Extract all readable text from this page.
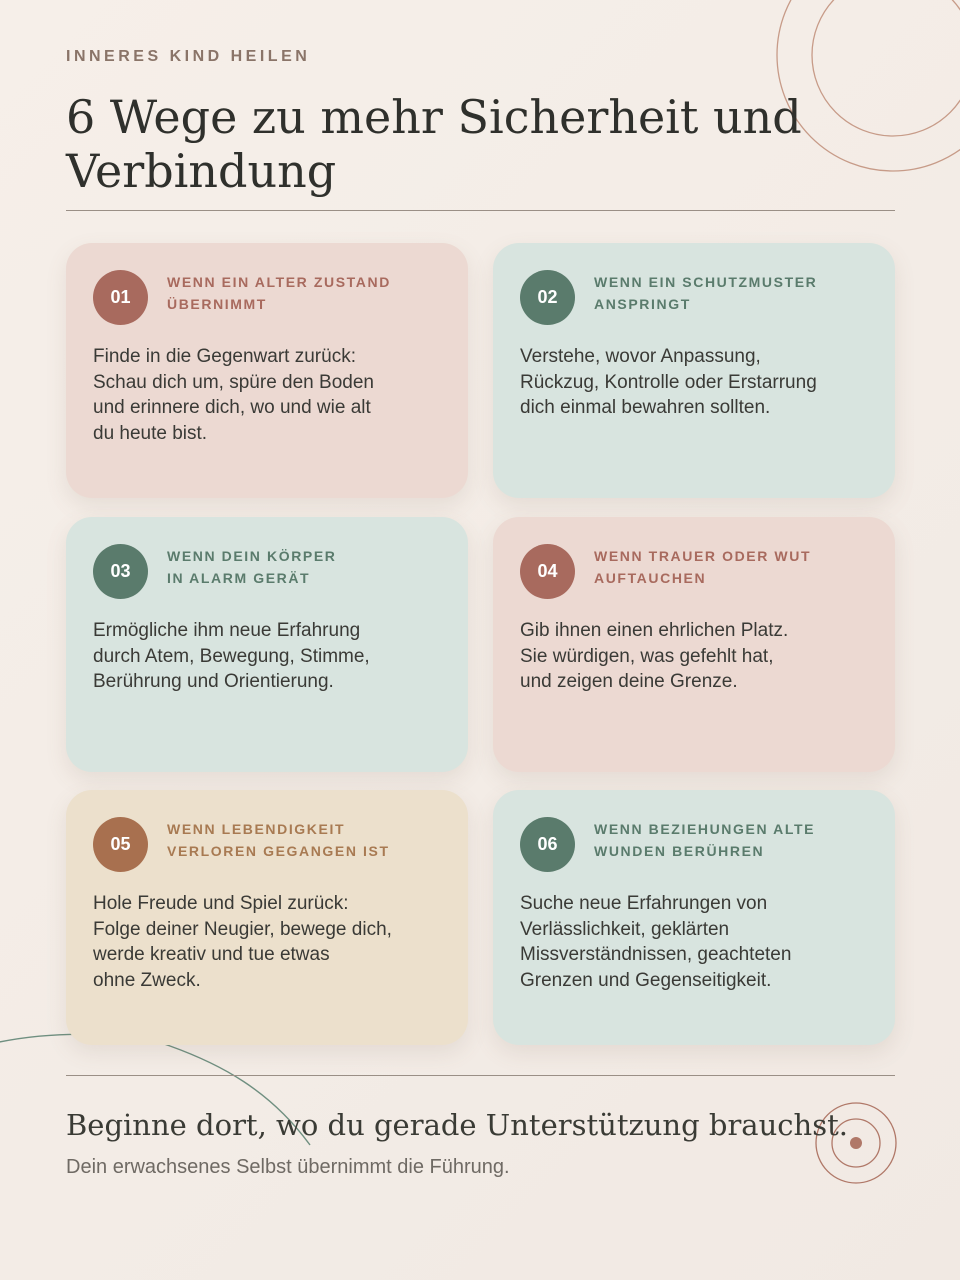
INNERES KIND HEILEN
6 Wege zu mehr Sicherheit und Verbindung
01
WENN EIN ALTER ZUSTAND
ÜBERNIMMT
Finde in die Gegenwart zurück:
Schau dich um, spüre den Boden
und erinnere dich, wo und wie alt
du heute bist.
02
WENN EIN SCHUTZMUSTER
ANSPRINGT
Verstehe, wovor Anpassung,
Rückzug, Kontrolle oder Erstarrung
dich einmal bewahren sollten.
03
WENN DEIN KÖRPER
IN ALARM GERÄT
Ermögliche ihm neue Erfahrung
durch Atem, Bewegung, Stimme,
Berührung und Orientierung.
04
WENN TRAUER ODER WUT
AUFTAUCHEN
Gib ihnen einen ehrlichen Platz.
Sie würdigen, was gefehlt hat,
und zeigen deine Grenze.
05
WENN LEBENDIGKEIT
VERLOREN GEGANGEN IST
Hole Freude und Spiel zurück:
Folge deiner Neugier, bewege dich,
werde kreativ und tue etwas
ohne Zweck.
06
WENN BEZIEHUNGEN ALTE
WUNDEN BERÜHREN
Suche neue Erfahrungen von
Verlässlichkeit, geklärten
Missverständnissen, geachteten
Grenzen und Gegenseitigkeit.
Beginne dort, wo du gerade Unterstützung brauchst.
Dein erwachsenes Selbst übernimmt die Führung.
